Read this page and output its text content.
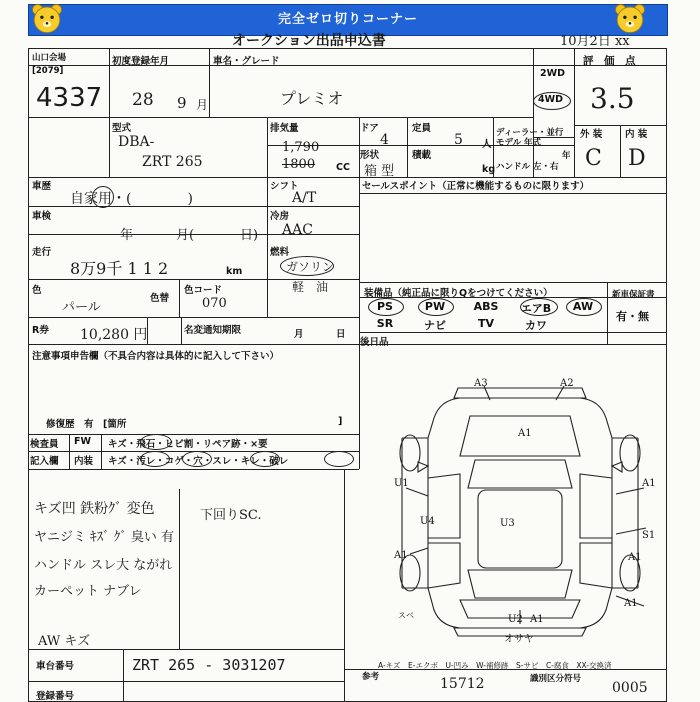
完全ゼロ切りコーナー
オークション出品申込書	10月2日 xx
山口会場
[2079]
4337
初度登録年月
28 9 月
車名・グレード
プレミオ
2WD
4WD
評　価　点
3.5
外 装 内 装
C D
型式
DBA-
ZRT 265
排気量
1,790
1800 CC
ドア
4
定員
5 人
ディーラー・並行
モデル 年式
ハンドル 左・右
年
形状
箱 型
積載
kg
車歴
自家用・(　　　　)
シフト
A/T
セールスポイント（正常に機能するものに限ります）
車検
年	月(	日)
冷房
AAC
走行
8万9千 1 1 2	km
燃料
ガソリン
軽　油
色
パール
色替
色コード
070
装備品（純正品に限りQをつけてください）	新車保証書
PS	PW	ABS	エアB	AW
SR	ナビ	TV	カワ
有・無
R券 10,280 円	名変通知期限	月	日
後日品
注意事項申告欄（不具合内容は具体的に記入して下さい）
修復歴　有　[箇所	]
検査員 FW キズ・飛石・ヒビ割・リペア跡・×要
記入欄 内装 キズ・汚レ・コゲ・穴・スレ・キレ・破レ
キズ凹 鉄粉ｸﾞ 変色
ヤニジミ ｷｽﾞ ｸﾞ 臭い 有
ハンドル スレ大 ながれ
カーペット ナブレ
AW キズ
下回りSC.
車台番号	ZRT 265 - 3031207
登録番号
参考	15712	識別区分符号
0005
A-キズ　E-エクボ　U-凹み　W-補修跡　S-サビ　C-腐食　XX-交換済
A3	A2
A1
U1
U4	U3
A1
A1
S1
A1
A1
U2 A1
オサヤ
スベ
